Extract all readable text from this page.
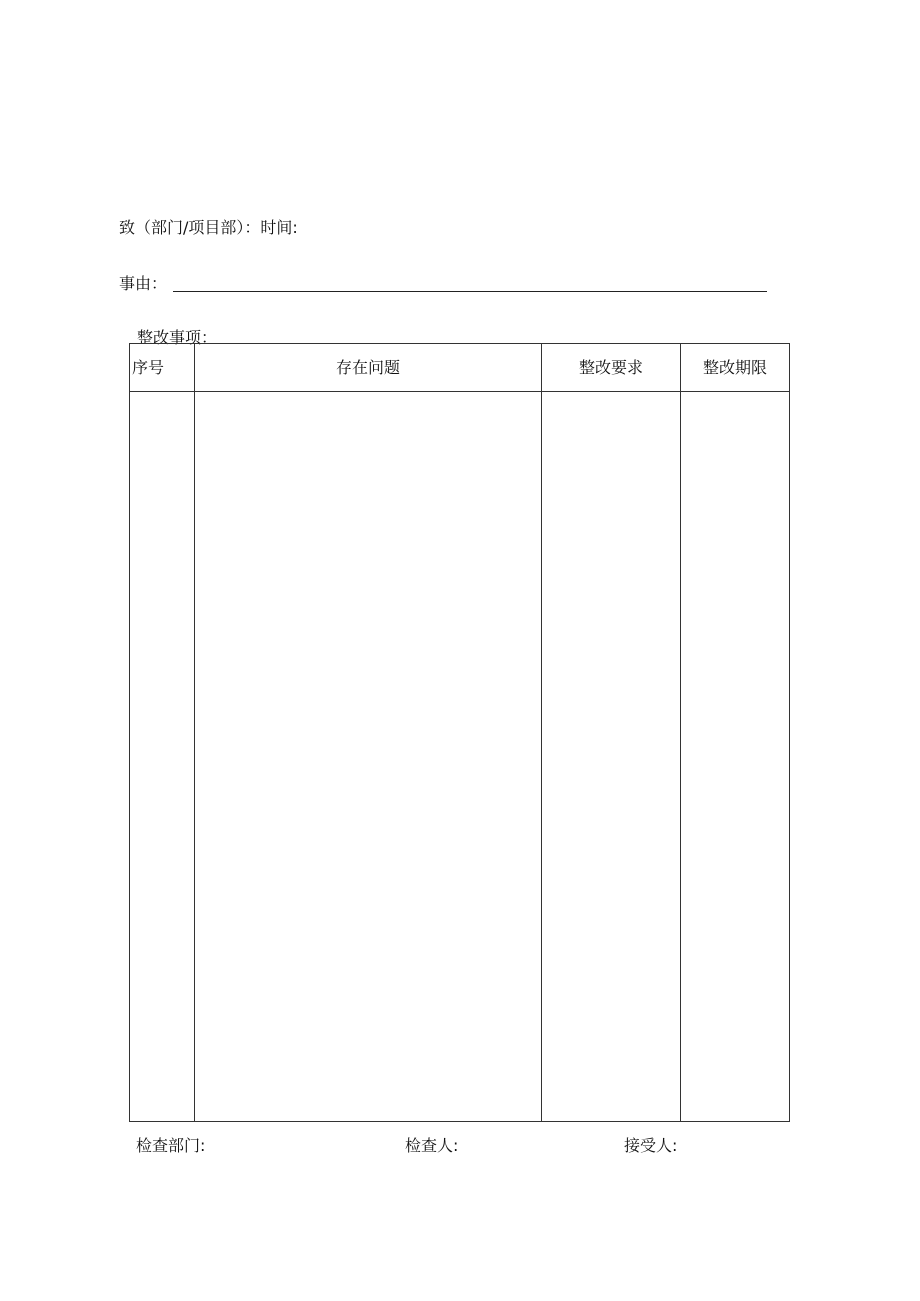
致（部门/项目部）：时间:
事由：
整改事项：
序号	存在问题	整改要求	整改期限
检查部门:	检查人:	接受人:
